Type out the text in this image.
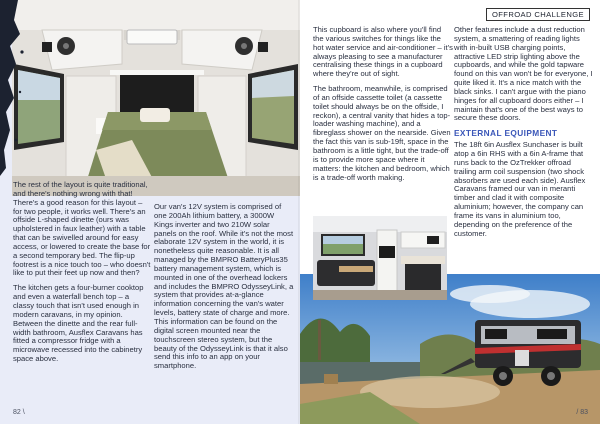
The rest of the layout is quite traditional, and there's nothing wrong with that! There's a good reason for this layout – for two people, it works well. There's an offside L-shaped dinette (ours was upholstered in faux leather) with a table that can be swivelled around for easy access, or lowered to create the base for a second temporary bed. The flip-up footrest is a nice touch too – who doesn't like to put their feet up now and then?

The kitchen gets a four-burner cooktop and even a waterfall bench top – a classy touch that isn't used enough in modern caravans, in my opinion. Between the dinette and the rear full-width bathroom, Ausflex Caravans has fitted a compressor fridge with a microwave recessed into the cabinetry space above.

Our van's 12V system is comprised of one 200Ah lithium battery, a 3000W Kings inverter and two 210W solar panels on the roof. While it's not the most elaborate 12V system in the world, it is nonetheless quite reasonable. It is all managed by the BMPRO BatteryPlus35 battery management system, which is mounted in one of the overhead lockers and includes the BMPRO OdysseyLink, a system that provides at-a-glance information concerning the van's water levels, battery state of charge and more. This information can be found on the digital screen mounted near the touchscreen stereo system, but the beauty of the OdysseyLink is that it also send this info to an app on your smartphone.

82 \
OFFROAD CHALLENGE

This cupboard is also where you'll find the various switches for things like the hot water service and air-conditioner – it's always pleasing to see a manufacturer centralising these things in a cupboard where they're out of sight.

The bathroom, meanwhile, is comprised of an offside cassette toilet (a cassette toilet should always be on the offside, I reckon), a central vanity that hides a top-loader washing machine), and a fibreglass shower on the nearside. Given the fact this van is sub-19ft, space in the bathroom is a little tight, but the trade-off is to provide more space where it matters: the kitchen and bedroom, which is a trade-off worth making.

Other features include a dust reduction system, a smattering of reading lights with in-built USB charging points, attractive LED strip lighting above the cupboards, and while the gold tapware found on this van won't be for everyone, I quite liked it. It's a nice match with the black sinks. I can't argue with the piano hinges for all cupboard doors either – I maintain that's one of the best ways to secure these doors.

EXTERNAL EQUIPMENT

The 18ft 6in Ausflex Sunchaser is built atop a 6in RHS with a 6in A-frame that runs back to the OzTrekker offroad trailing arm coil suspension (two shock absorbers are used each side). Ausflex Caravans framed our van in meranti timber and clad it with composite aluminium; however, the company can frame its vans in aluminium too, depending on the preference of the customer.

/ 83
